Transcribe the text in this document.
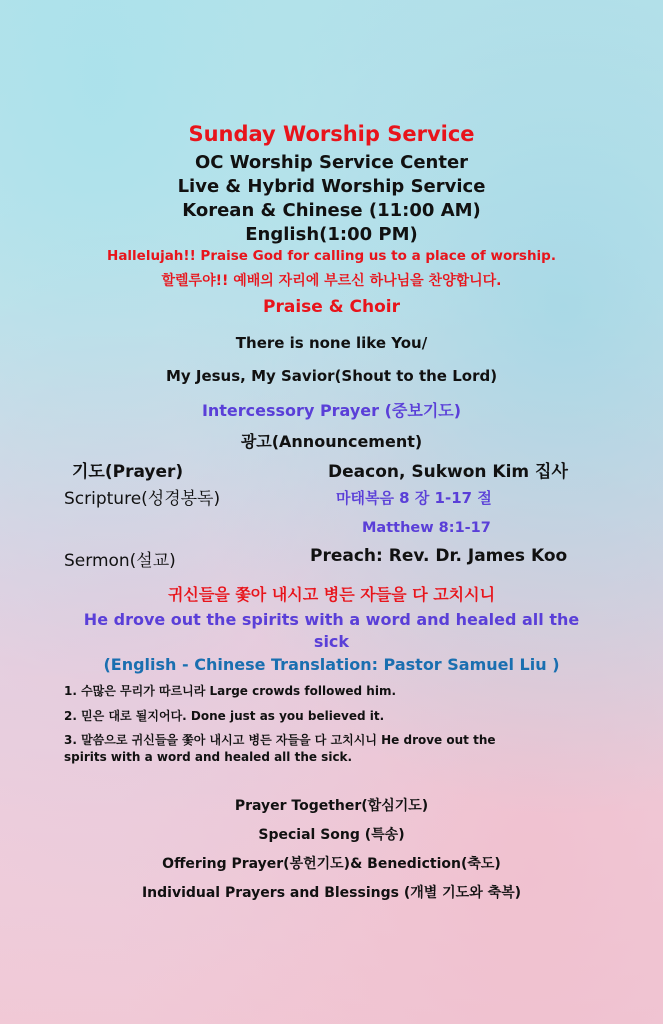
Sunday Worship Service
OC Worship Service Center
Live & Hybrid Worship Service
Korean & Chinese (11:00 AM)
English(1:00 PM)
Hallelujah!! Praise God for calling us to a place of worship.
할렐루야!! 예배의 자리에 부르신 하나님을 찬양합니다.
Praise & Choir
There is none like You/
My Jesus, My Savior(Shout to the Lord)
Intercessory Prayer (중보기도)
광고(Announcement)
기도(Prayer)	Deacon, Sukwon Kim 집사
Scripture(성경봉독)	마태복음 8 장 1-17 절
Matthew 8:1-17
Sermon(설교)	Preach: Rev. Dr. James Koo
귀신들을 쫓아 내시고 병든 자들을 다 고치시니
He drove out the spirits with a word and healed all the
sick
(English - Chinese Translation: Pastor Samuel Liu )
1. 수많은 무리가 따르니라 Large crowds followed him.
2. 믿은 대로 될지어다. Done just as you believed it.
3. 말씀으로 귀신들을 쫓아 내시고 병든 자들을 다 고치시니 He drove out the
spirits with a word and healed all the sick.
Prayer Together(합심기도)
Special Song (특송)
Offering Prayer(봉헌기도)& Benediction(축도)
Individual Prayers and Blessings (개별 기도와 축복)
